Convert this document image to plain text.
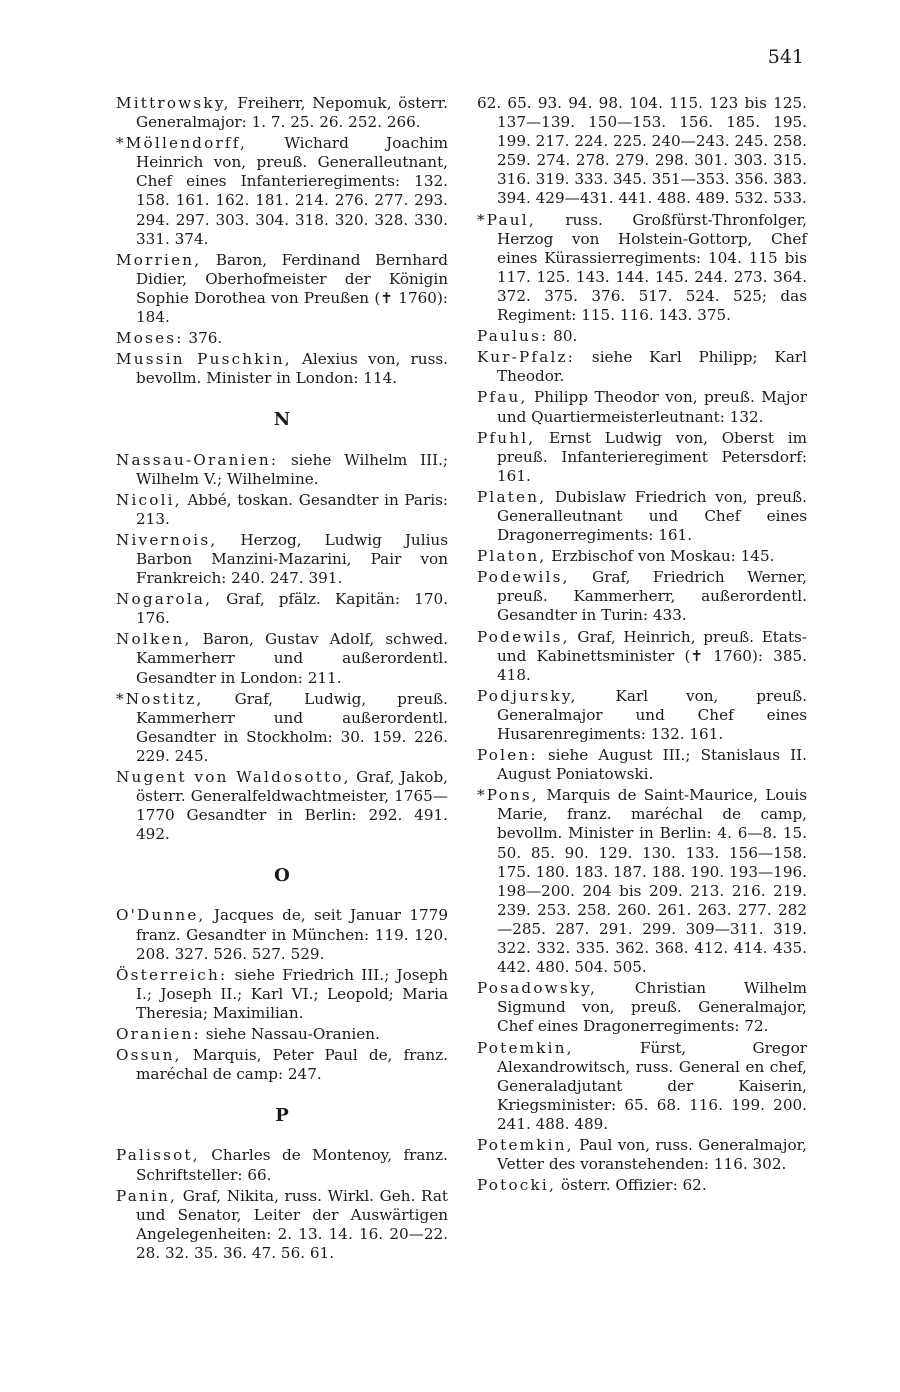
541
Mittrowsky, Freiherr, Nepomuk, österr. Generalmajor: 1. 7. 25. 26. 252. 266.
*Möllendorff, Wichard Joachim Heinrich von, preuß. Generalleutnant, Chef eines Infanterieregiments: 132. 158. 161. 162. 181. 214. 276. 277. 293. 294. 297. 303. 304. 318. 320. 328. 330. 331. 374.
Morrien, Baron, Ferdinand Bernhard Didier, Oberhofmeister der Königin Sophie Dorothea von Preußen (✝ 1760): 184.
Moses: 376.
Mussin Puschkin, Alexius von, russ. bevollm. Minister in London: 114.
N
Nassau-Oranien: siehe Wilhelm III.; Wilhelm V.; Wilhelmine.
Nicoli, Abbé, toskan. Gesandter in Paris: 213.
Nivernois, Herzog, Ludwig Julius Barbon Manzini-Mazarini, Pair von Frankreich: 240. 247. 391.
Nogarola, Graf, pfälz. Kapitän: 170. 176.
Nolken, Baron, Gustav Adolf, schwed. Kammerherr und außerordentl. Gesandter in London: 211.
*Nostitz, Graf, Ludwig, preuß. Kammerherr und außerordentl. Gesandter in Stockholm: 30. 159. 226. 229. 245.
Nugent von Waldosotto, Graf, Jakob, österr. Generalfeldwachtmeister, 1765—1770 Gesandter in Berlin: 292. 491. 492.
O
O'Dunne, Jacques de, seit Januar 1779 franz. Gesandter in München: 119. 120. 208. 327. 526. 527. 529.
Österreich: siehe Friedrich III.; Joseph I.; Joseph II.; Karl VI.; Leopold; Maria Theresia; Maximilian.
Oranien: siehe Nassau-Oranien.
Ossun, Marquis, Peter Paul de, franz. maréchal de camp: 247.
P
Palissot, Charles de Montenoy, franz. Schriftsteller: 66.
Panin, Graf, Nikita, russ. Wirkl. Geh. Rat und Senator, Leiter der Auswärtigen Angelegenheiten: 2. 13. 14. 16. 20—22. 28. 32. 35. 36. 47. 56. 61.
62. 65. 93. 94. 98. 104. 115. 123 bis 125. 137—139. 150—153. 156. 185. 195. 199. 217. 224. 225. 240—243. 245. 258. 259. 274. 278. 279. 298. 301. 303. 315. 316. 319. 333. 345. 351—353. 356. 383. 394. 429—431. 441. 488. 489. 532. 533.
*Paul, russ. Großfürst-Thronfolger, Herzog von Holstein-Gottorp, Chef eines Kürassierregiments: 104. 115 bis 117. 125. 143. 144. 145. 244. 273. 364. 372. 375. 376. 517. 524. 525; das Regiment: 115. 116. 143. 375.
Paulus: 80.
Kur-Pfalz: siehe Karl Philipp; Karl Theodor.
Pfau, Philipp Theodor von, preuß. Major und Quartiermeisterleutnant: 132.
Pfuhl, Ernst Ludwig von, Oberst im preuß. Infanterieregiment Petersdorf: 161.
Platen, Dubislaw Friedrich von, preuß. Generalleutnant und Chef eines Dragonerregiments: 161.
Platon, Erzbischof von Moskau: 145.
Podewils, Graf, Friedrich Werner, preuß. Kammerherr, außerordentl. Gesandter in Turin: 433.
Podewils, Graf, Heinrich, preuß. Etats- und Kabinettsminister (✝ 1760): 385. 418.
Podjursky, Karl von, preuß. Generalmajor und Chef eines Husarenregiments: 132. 161.
Polen: siehe August III.; Stanislaus II. August Poniatowski.
*Pons, Marquis de Saint-Maurice, Louis Marie, franz. maréchal de camp, bevollm. Minister in Berlin: 4. 6—8. 15. 50. 85. 90. 129. 130. 133. 156—158. 175. 180. 183. 187. 188. 190. 193—196. 198—200. 204 bis 209. 213. 216. 219. 239. 253. 258. 260. 261. 263. 277. 282—285. 287. 291. 299. 309—311. 319. 322. 332. 335. 362. 368. 412. 414. 435. 442. 480. 504. 505.
Posadowsky, Christian Wilhelm Sigmund von, preuß. Generalmajor, Chef eines Dragonerregiments: 72.
Potemkin,	Fürst, Gregor Alexandrowitsch, russ. General en chef, Generaladjutant der Kaiserin, Kriegsminister: 65. 68. 116. 199. 200. 241. 488. 489.
Potemkin, Paul von, russ. Generalmajor, Vetter des voranstehenden: 116. 302.
Potocki, österr. Offizier: 62.
